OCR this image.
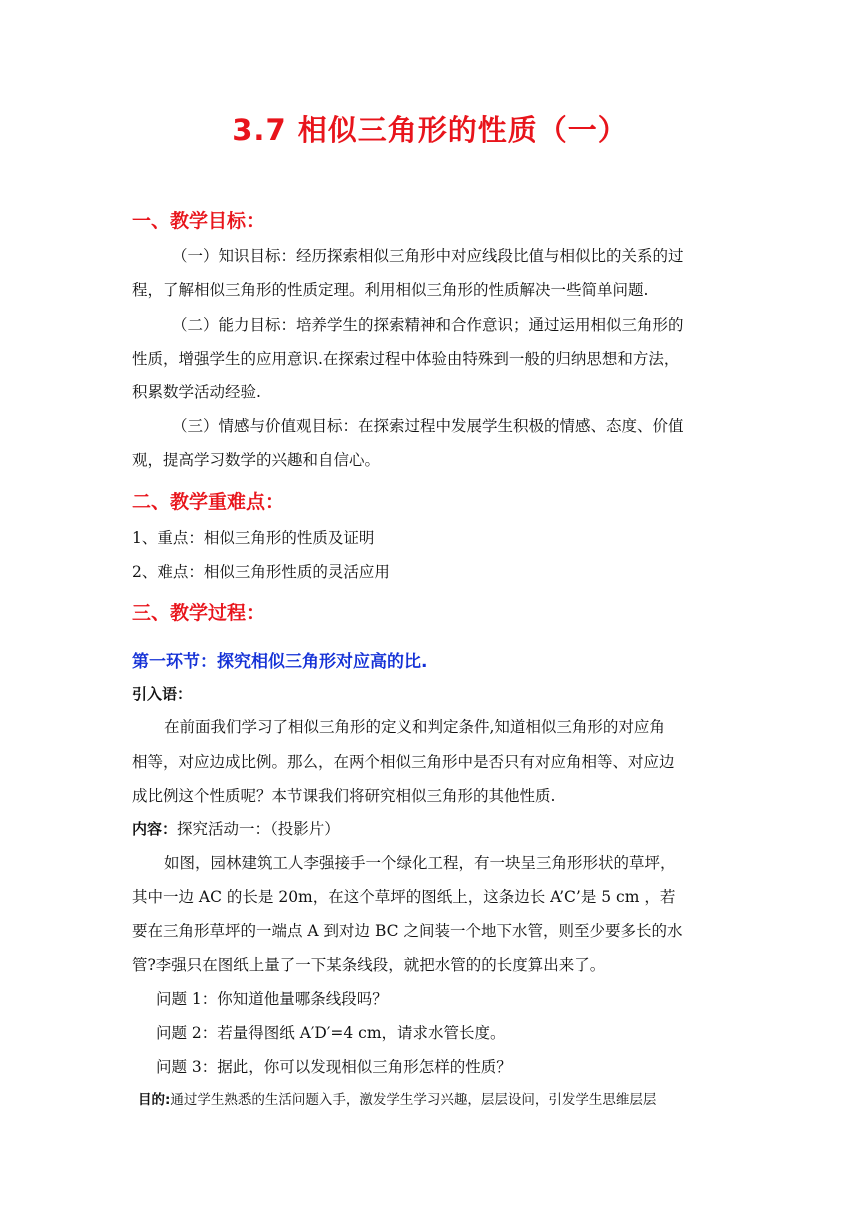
3.7 相似三角形的性质（一）
一、教学目标：
（一）知识目标：经历探索相似三角形中对应线段比值与相似比的关系的过
程，了解相似三角形的性质定理。利用相似三角形的性质解决一些简单问题.
（二）能力目标：培养学生的探索精神和合作意识；通过运用相似三角形的
性质，增强学生的应用意识.在探索过程中体验由特殊到一般的归纳思想和方法，
积累数学活动经验.
（三）情感与价值观目标：在探索过程中发展学生积极的情感、态度、价值
观，提高学习数学的兴趣和自信心。
二、教学重难点：
1、重点：相似三角形的性质及证明
2、难点：相似三角形性质的灵活应用
三、教学过程：
第一环节：探究相似三角形对应高的比.
引入语：
在前面我们学习了相似三角形的定义和判定条件,知道相似三角形的对应角
相等，对应边成比例。那么，在两个相似三角形中是否只有对应角相等、对应边
成比例这个性质呢？本节课我们将研究相似三角形的其他性质.
内容：探究活动一：（投影片）
如图，园林建筑工人李强接手一个绿化工程，有一块呈三角形形状的草坪，
其中一边 AC 的长是 20m，在这个草坪的图纸上，这条边长 A’C’是 5 cm ，若
要在三角形草坪的一端点 A 到对边 BC 之间装一个地下水管，则至少要多长的水
管?李强只在图纸上量了一下某条线段，就把水管的的长度算出来了。
问题 1：你知道他量哪条线段吗？
问题 2：若量得图纸 A′D′=4 cm，请求水管长度。
问题 3：据此，你可以发现相似三角形怎样的性质？
目的:通过学生熟悉的生活问题入手，激发学生学习兴趣，层层设问，引发学生思维层层
